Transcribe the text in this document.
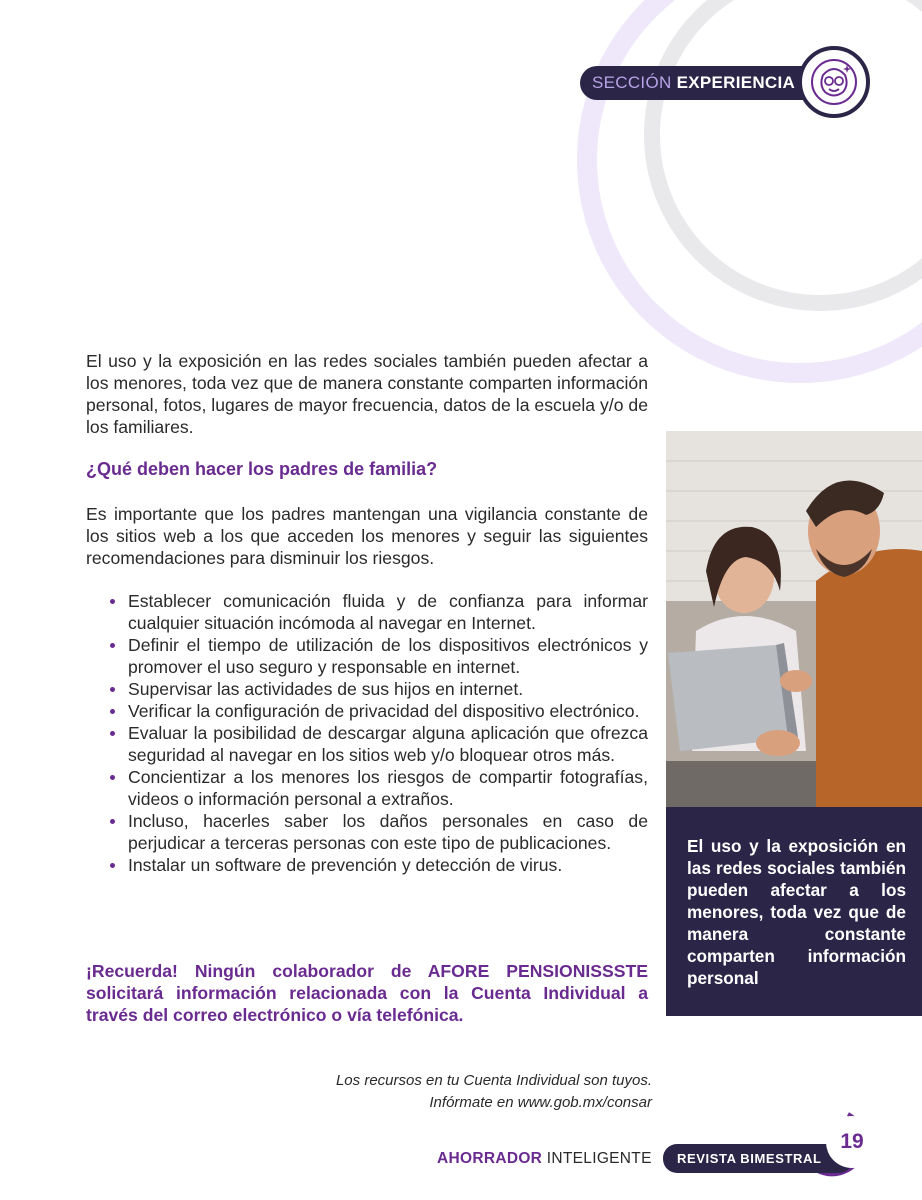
SECCIÓN EXPERIENCIA
El uso y la exposición en las redes sociales también pueden afectar a los menores, toda vez que de manera constante comparten información personal, fotos, lugares de mayor frecuencia, datos de la escuela y/o de los familiares.
¿Qué deben hacer los padres de familia?
Es importante que los padres mantengan una vigilancia constante de los sitios web a los que acceden los menores y seguir las siguientes recomendaciones para disminuir los riesgos.
Establecer comunicación fluida y de confianza para informar cualquier situación incómoda al navegar en Internet.
Definir el tiempo de utilización de los dispositivos electrónicos y promover el uso seguro y responsable en internet.
Supervisar las actividades de sus hijos en internet.
Verificar la configuración de privacidad del dispositivo electrónico.
Evaluar la posibilidad de descargar alguna aplicación que ofrezca seguridad al navegar en los sitios web y/o bloquear otros más.
Concientizar a los menores los riesgos de compartir fotografías, videos o información personal a extraños.
Incluso, hacerles saber los daños personales en caso de perjudicar a terceras personas con este tipo de publicaciones.
Instalar un software de prevención y detección de virus.
¡Recuerda! Ningún colaborador de AFORE PENSIONISSSTE solicitará información relacionada con la Cuenta Individual a través del correo electrónico o vía telefónica.
El uso y la exposición en las redes sociales también pueden afectar a los menores, toda vez que de manera constante comparten información personal
Los recursos en tu Cuenta Individual son tuyos.
Infórmate en www.gob.mx/consar
AHORRADOR INTELIGENTE REVISTA BIMESTRAL
19
